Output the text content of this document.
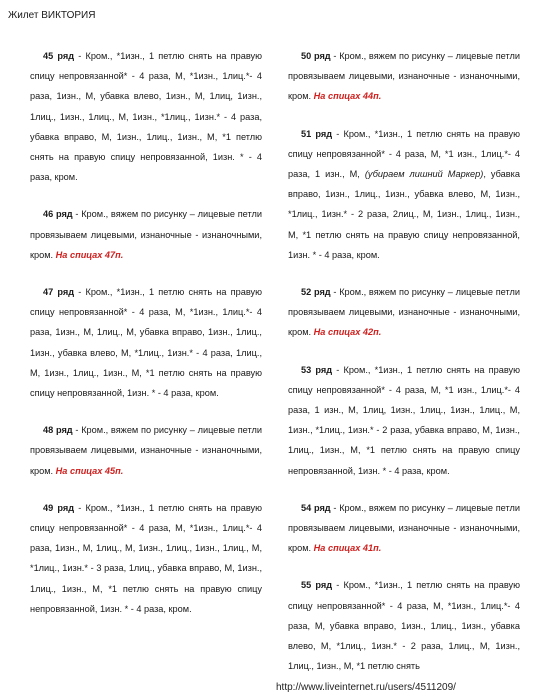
Жилет ВИКТОРИЯ

45 ряд - Кром., *1изн., 1 петлю снять на правую спицу непровязанной* - 4 раза, М, *1изн., 1лиц.*- 4 раза, 1изн., М, убавка влево, 1изн., М, 1лиц, 1изн., 1лиц., 1изн., 1лиц., М, 1изн., *1лиц., 1изн.* - 4 раза, убавка вправо, М, 1изн., 1лиц., 1изн., М, *1 петлю снять на правую спицу непровязанной, 1изн. * - 4 раза, кром.

46 ряд - Кром., вяжем по рисунку – лицевые петли провязываем лицевыми, изнаночные - изнаночными, кром. На спицах 47п.

47 ряд - Кром., *1изн., 1 петлю снять на правую спицу непровязанной* - 4 раза, М, *1изн., 1лиц.*- 4 раза, 1изн., М, 1лиц., М, убавка вправо, 1изн., 1лиц., 1изн., убавка влево, М, *1лиц., 1изн.* - 4 раза, 1лиц., М, 1изн., 1лиц., 1изн., М, *1 петлю снять на правую спицу непровязанной, 1изн. * - 4 раза, кром.

48 ряд - Кром., вяжем по рисунку – лицевые петли провязываем лицевыми, изнаночные - изнаночными, кром. На спицах 45п.

49 ряд - Кром., *1изн., 1 петлю снять на правую спицу непровязанной* - 4 раза, М, *1изн., 1лиц.*- 4 раза, 1изн., М, 1лиц., М, 1изн., 1лиц., 1изн., 1лиц., М, *1лиц., 1изн.* - 3 раза, 1лиц., убавка вправо, М, 1изн., 1лиц., 1изн., М, *1 петлю снять на правую спицу непровязанной, 1изн. * - 4 раза, кром.

50 ряд - Кром., вяжем по рисунку – лицевые петли провязываем лицевыми, изнаночные - изнаночными, кром. На спицах 44п.

51 ряд - Кром., *1изн., 1 петлю снять на правую спицу непровязанной* - 4 раза, М, *1 изн., 1лиц.*- 4 раза, 1 изн., М, (убираем лишний Маркер), убавка вправо, 1изн., 1лиц., 1изн., убавка влево, М, 1изн., *1лиц., 1изн.* - 2 раза, 2лиц., М, 1изн., 1лиц., 1изн., М, *1 петлю снять на правую спицу непровязанной, 1изн. * - 4 раза, кром.

52 ряд - Кром., вяжем по рисунку – лицевые петли провязываем лицевыми, изнаночные - изнаночными, кром. На спицах 42п.

53 ряд - Кром., *1изн., 1 петлю снять на правую спицу непровязанной* - 4 раза, М, *1 изн., 1лиц.*- 4 раза, 1 изн., М, 1лиц, 1изн., 1лиц., 1изн., 1лиц., М, 1изн., *1лиц., 1изн.* - 2 раза, убавка вправо, М, 1изн., 1лиц., 1изн., М, *1 петлю снять на правую спицу непровязанной, 1изн. * - 4 раза, кром.

54 ряд - Кром., вяжем по рисунку – лицевые петли провязываем лицевыми, изнаночные - изнаночными, кром. На спицах 41п.

55 ряд - Кром., *1изн., 1 петлю снять на правую спицу непровязанной* - 4 раза, М, *1изн., 1лиц.*- 4 раза, М, убавка вправо, 1изн., 1лиц., 1изн., убавка влево, М, *1лиц., 1изн.* - 2 раза, 1лиц., М, 1изн., 1лиц., 1изн., М, *1 петлю снять

http://www.liveinternet.ru/users/4511209/
